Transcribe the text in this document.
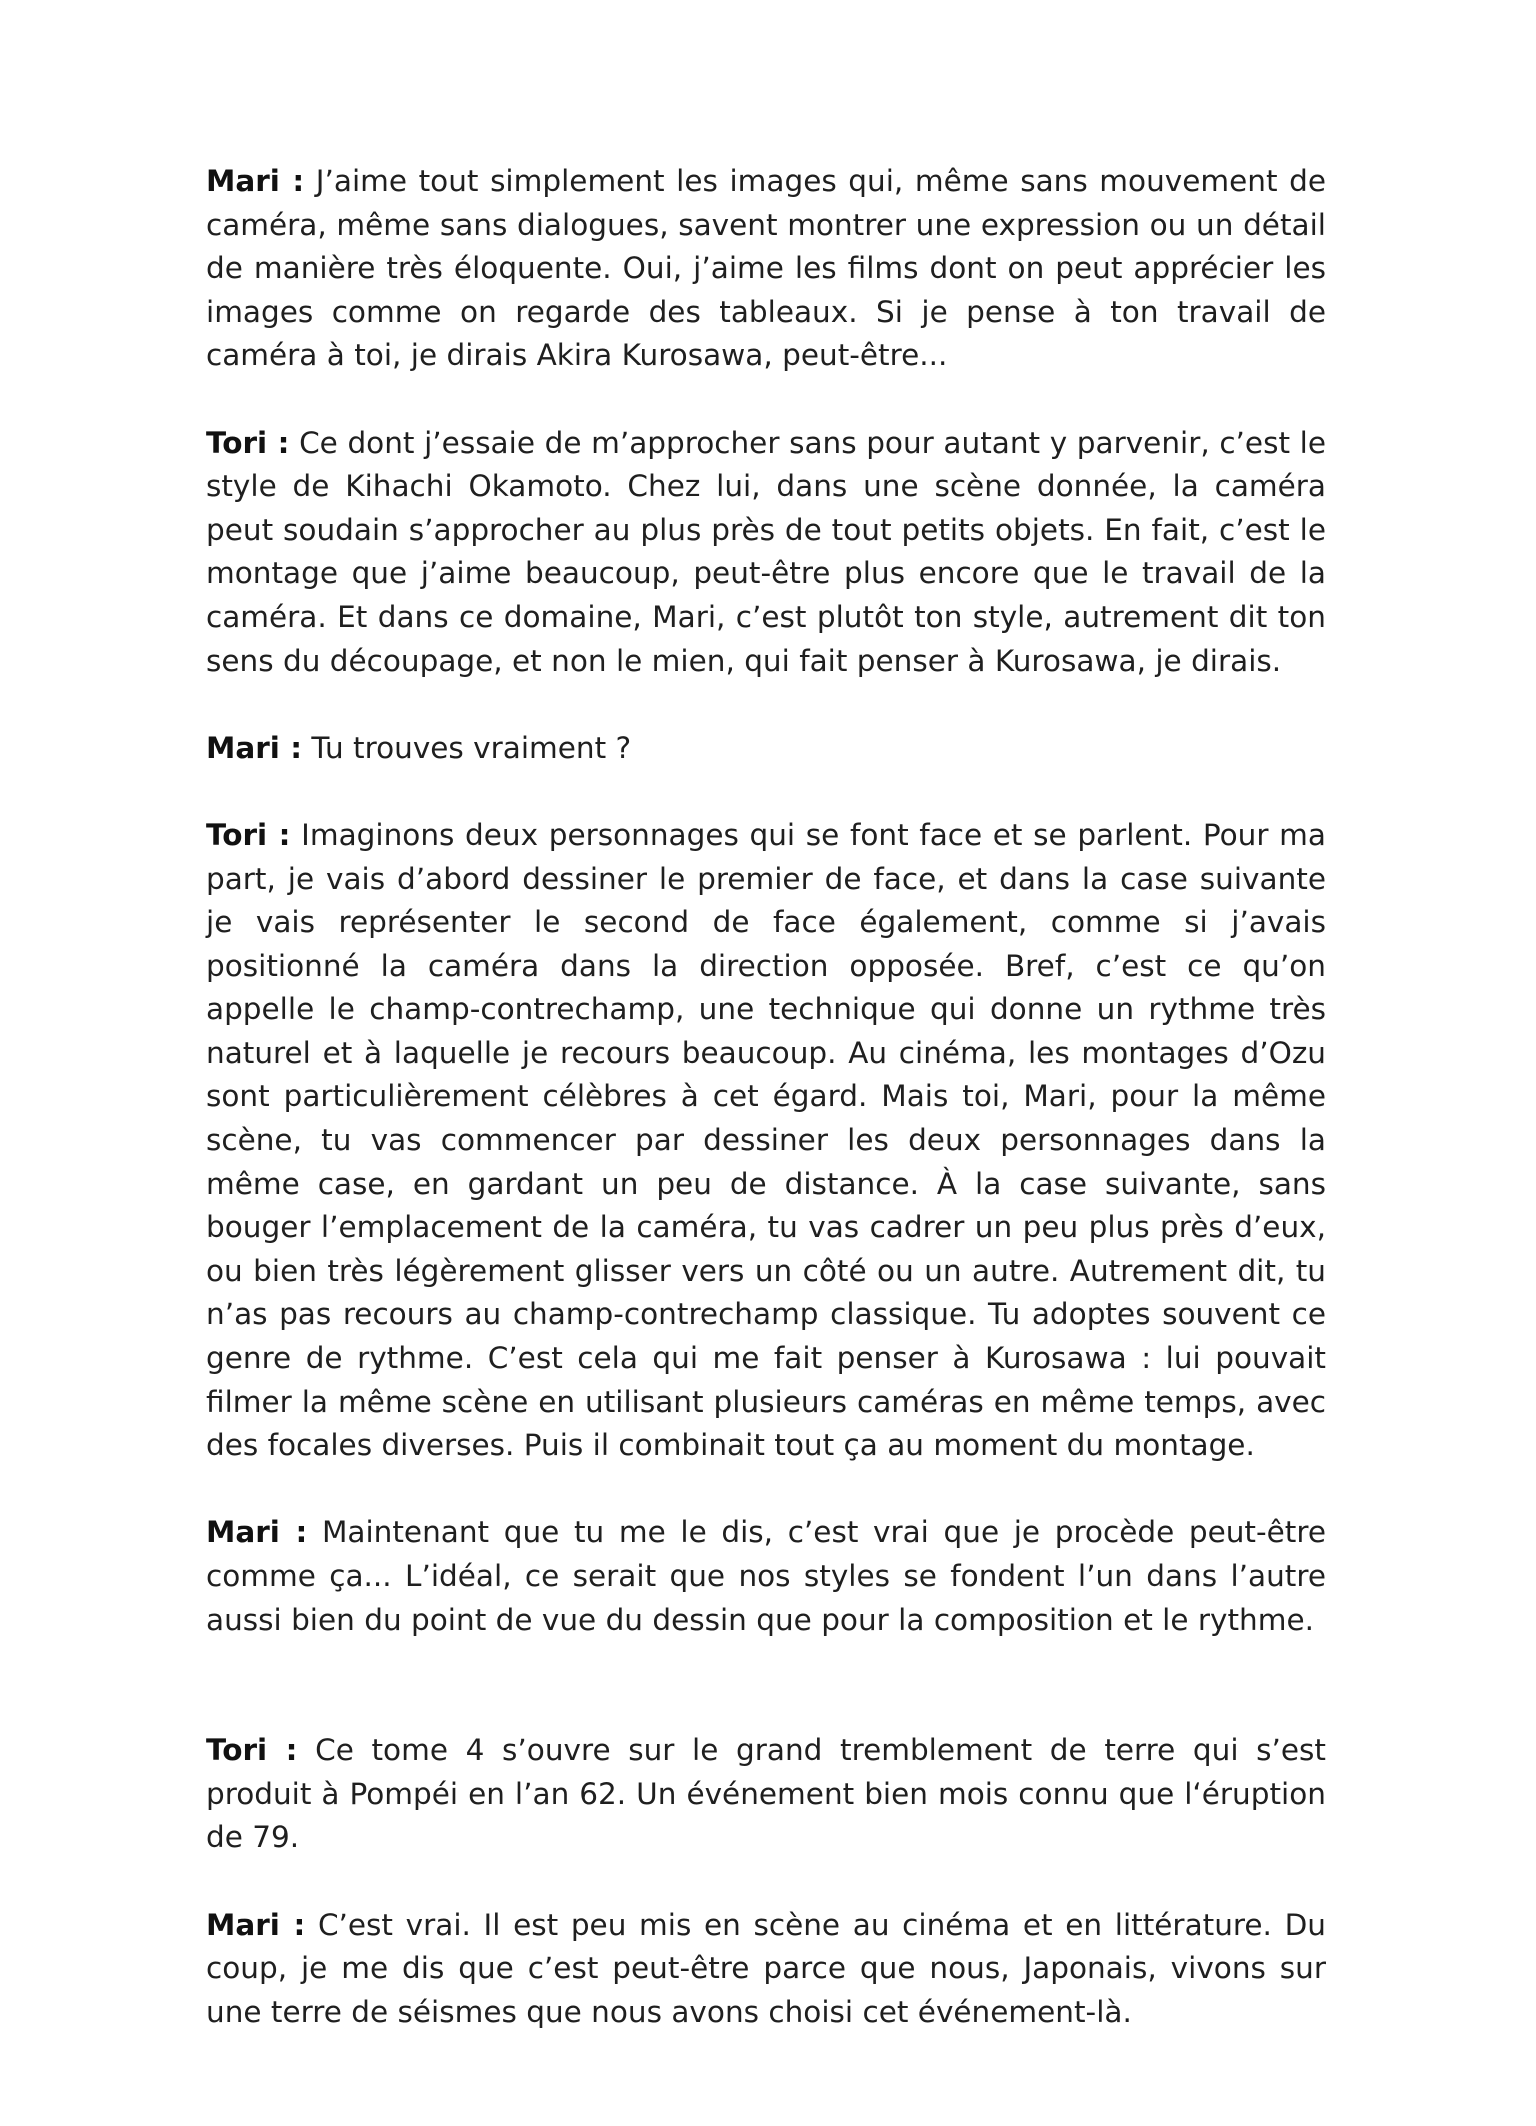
Mari : J’aime tout simplement les images qui, même sans mouvement de caméra, même sans dialogues, savent montrer une expression ou un détail de manière très éloquente. Oui, j’aime les films dont on peut apprécier les images comme on regarde des tableaux. Si je pense à ton travail de caméra à toi, je dirais Akira Kurosawa, peut-être...

Tori : Ce dont j’essaie de m’approcher sans pour autant y parvenir, c’est le style de Kihachi Okamoto. Chez lui, dans une scène donnée, la caméra peut soudain s’approcher au plus près de tout petits objets. En fait, c’est le montage que j’aime beaucoup, peut-être plus encore que le travail de la caméra. Et dans ce domaine, Mari, c’est plutôt ton style, autrement dit ton sens du découpage, et non le mien, qui fait penser à Kurosawa, je dirais.

Mari : Tu trouves vraiment ?

Tori : Imaginons deux personnages qui se font face et se parlent. Pour ma part, je vais d’abord dessiner le premier de face, et dans la case suivante je vais représenter le second de face également, comme si j’avais positionné la caméra dans la direction opposée. Bref, c’est ce qu’on appelle le champ-contrechamp, une technique qui donne un rythme très naturel et à laquelle je recours beaucoup. Au cinéma, les montages d’Ozu sont particulièrement célèbres à cet égard. Mais toi, Mari, pour la même scène, tu vas commencer par dessiner les deux personnages dans la même case, en gardant un peu de distance. À la case suivante, sans bouger l’emplacement de la caméra, tu vas cadrer un peu plus près d’eux, ou bien très légèrement glisser vers un côté ou un autre. Autrement dit, tu n’as pas recours au champ-contrechamp classique. Tu adoptes souvent ce genre de rythme. C’est cela qui me fait penser à Kurosawa : lui pouvait filmer la même scène en utilisant plusieurs caméras en même temps, avec des focales diverses. Puis il combinait tout ça au moment du montage.

Mari : Maintenant que tu me le dis, c’est vrai que je procède peut-être comme ça... L’idéal, ce serait que nos styles se fondent l’un dans l’autre aussi bien du point de vue du dessin que pour la composition et le rythme.

Tori : Ce tome 4 s’ouvre sur le grand tremblement de terre qui s’est produit à Pompéi en l’an 62. Un événement bien mois connu que l‘éruption de 79.

Mari : C’est vrai. Il est peu mis en scène au cinéma et en littérature. Du coup, je me dis que c’est peut-être parce que nous, Japonais, vivons sur une terre de séismes que nous avons choisi cet événement-là.
